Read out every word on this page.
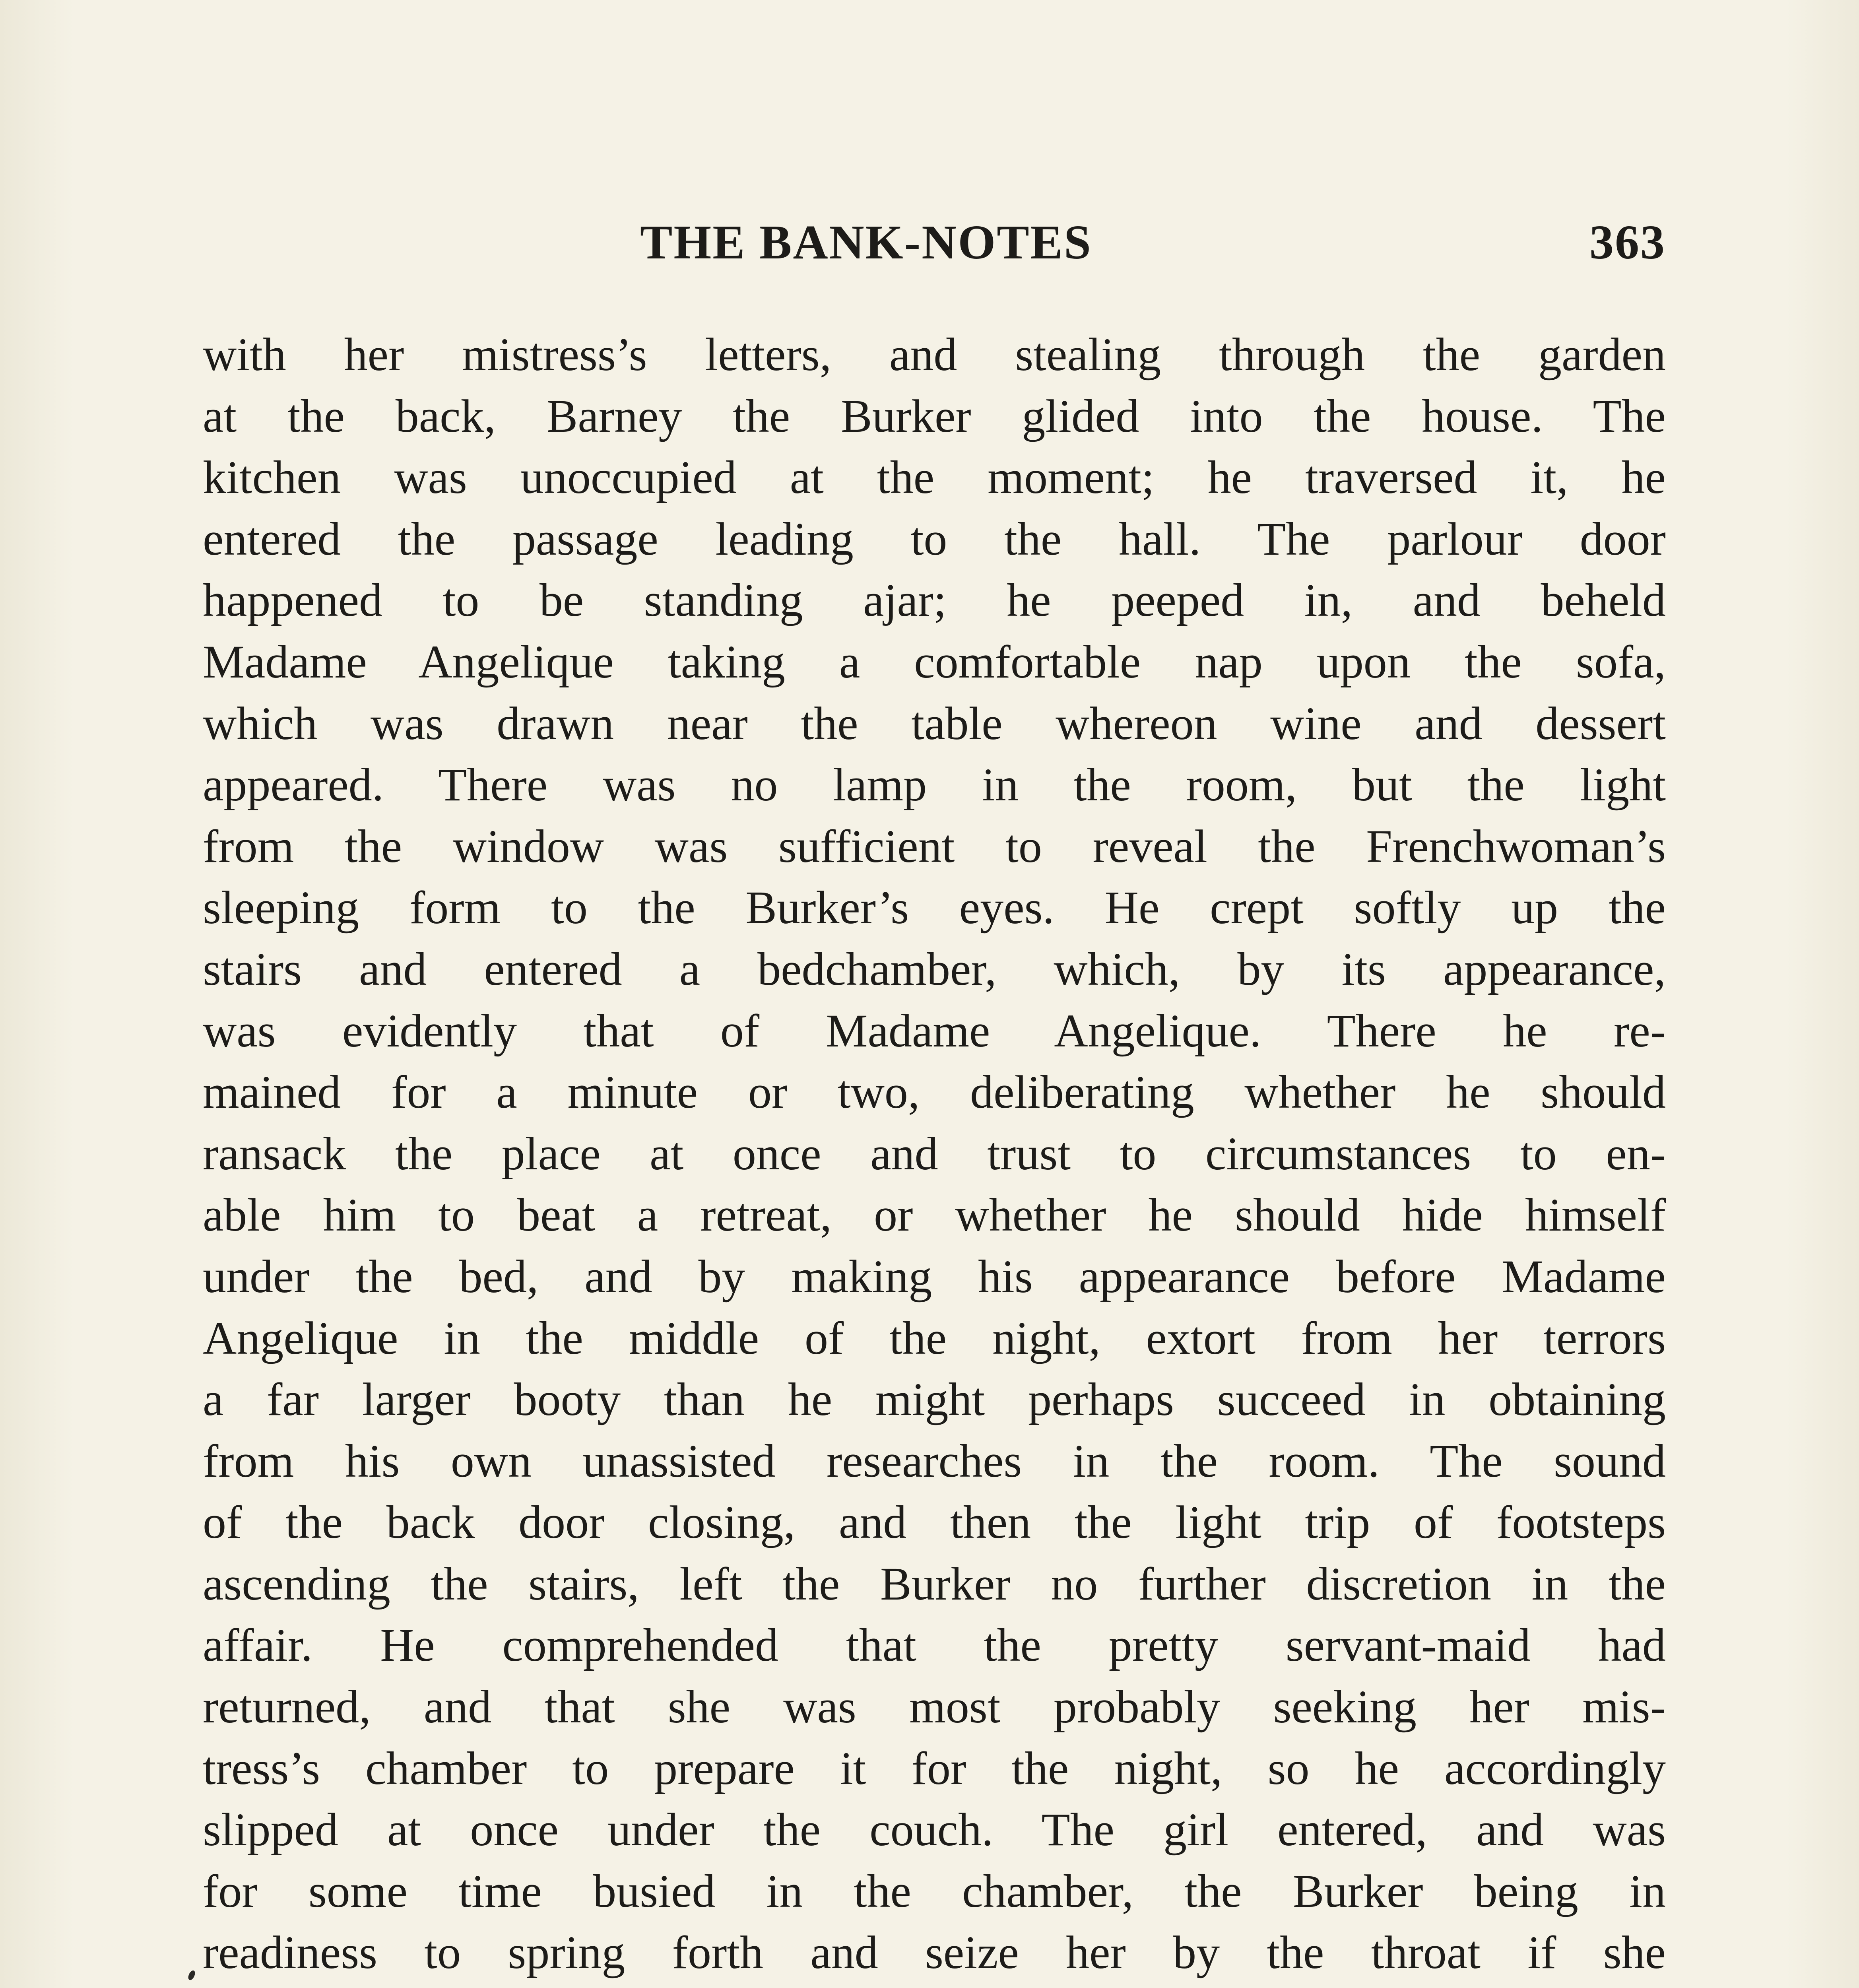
THE BANK-NOTES	363
with her mistress’s letters, and stealing through the garden
at the back, Barney the Burker glided into the house. The
kitchen was unoccupied at the moment; he traversed it, he
entered the passage leading to the hall. The parlour door
happened to be standing ajar; he peeped in, and beheld
Madame Angelique taking a comfortable nap upon the sofa,
which was drawn near the table whereon wine and dessert
appeared. There was no lamp in the room, but the light
from the window was sufficient to reveal the Frenchwoman’s
sleeping form to the Burker’s eyes. He crept softly up the
stairs and entered a bedchamber, which, by its appearance,
was evidently that of Madame Angelique. There he re-
mained for a minute or two, deliberating whether he should
ransack the place at once and trust to circumstances to en-
able him to beat a retreat, or whether he should hide himself
under the bed, and by making his appearance before Madame
Angelique in the middle of the night, extort from her terrors
a far larger booty than he might perhaps succeed in obtaining
from his own unassisted researches in the room. The sound
of the back door closing, and then the light trip of footsteps
ascending the stairs, left the Burker no further discretion in the
affair. He comprehended that the pretty servant-maid had
returned, and that she was most probably seeking her mis-
tress’s chamber to prepare it for the night, so he accordingly
slipped at once under the couch. The girl entered, and was
for some time busied in the chamber, the Burker being in
readiness to spring forth and seize her by the throat if she
